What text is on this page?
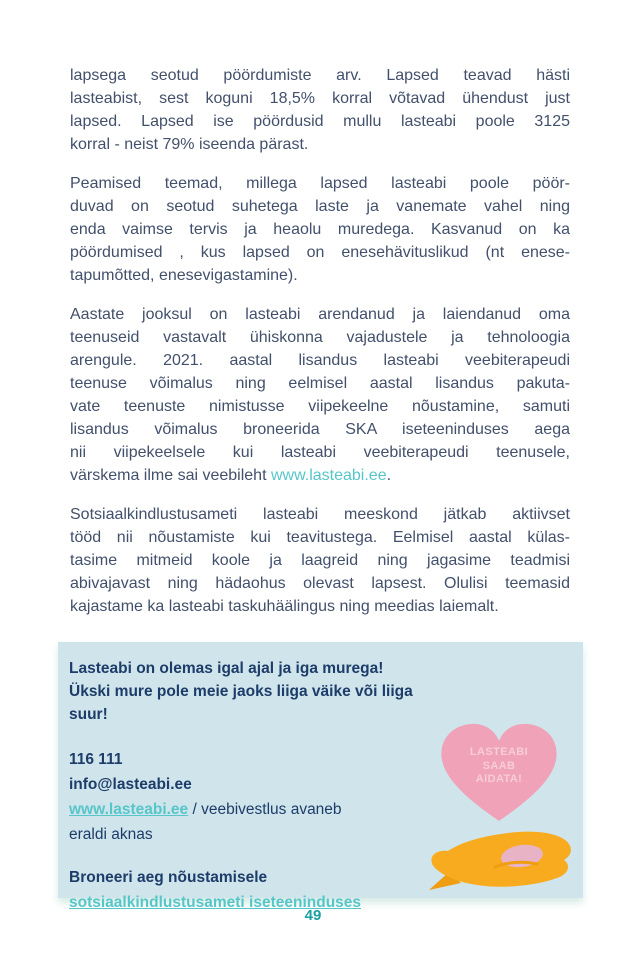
lapsega seotud pöördumiste arv. Lapsed teavad hästi
lasteabist, sest koguni 18,5% korral võtavad ühendust just
lapsed. Lapsed ise pöördusid mullu lasteabi poole 3125
korral - neist 79% iseenda pärast.
Peamised teemad, millega lapsed lasteabi poole pöör-
duvad on seotud suhetega laste ja vanemate vahel ning
enda vaimse tervis ja heaolu muredega. Kasvanud on ka
pöördumised , kus lapsed on enesehävituslikud (nt enese-
tapumõtted, enesevigastamine).
Aastate jooksul on lasteabi arendanud ja laiendanud oma
teenuseid vastavalt ühiskonna vajadustele ja tehnoloogia
arengule. 2021. aastal lisandus lasteabi veebiterapeudi
teenuse võimalus ning eelmisel aastal lisandus pakuta-
vate teenuste nimistusse viipekeelne nõustamine, samuti
lisandus võimalus broneerida SKA iseteeninduses aega
nii viipekeelsele kui lasteabi veebiterapeudi teenusele,
värskema ilme sai veebileht www.lasteabi.ee.
Sotsiaalkindlustusameti lasteabi meeskond jätkab aktiivset
tööd nii nõustamiste kui teavitustega. Eelmisel aastal külas-
tasime mitmeid koole ja laagreid ning jagasime teadmisi
abivajavast ning hädaohus olevast lapsest. Olulisi teemasid
kajastame ka lasteabi taskuhäälingus ning meedias laiemalt.
Lasteabi on olemas igal ajal ja iga murega!
Ükski mure pole meie jaoks liiga väike või liiga suur!
116 111
info@lasteabi.ee
www.lasteabi.ee / veebivestlus avaneb
eraldi aknas
Broneeri aeg nõustamisele
sotsiaalkindlustusameti iseteeninduses
LASTEABI
SAAB
AIDATA!
49
